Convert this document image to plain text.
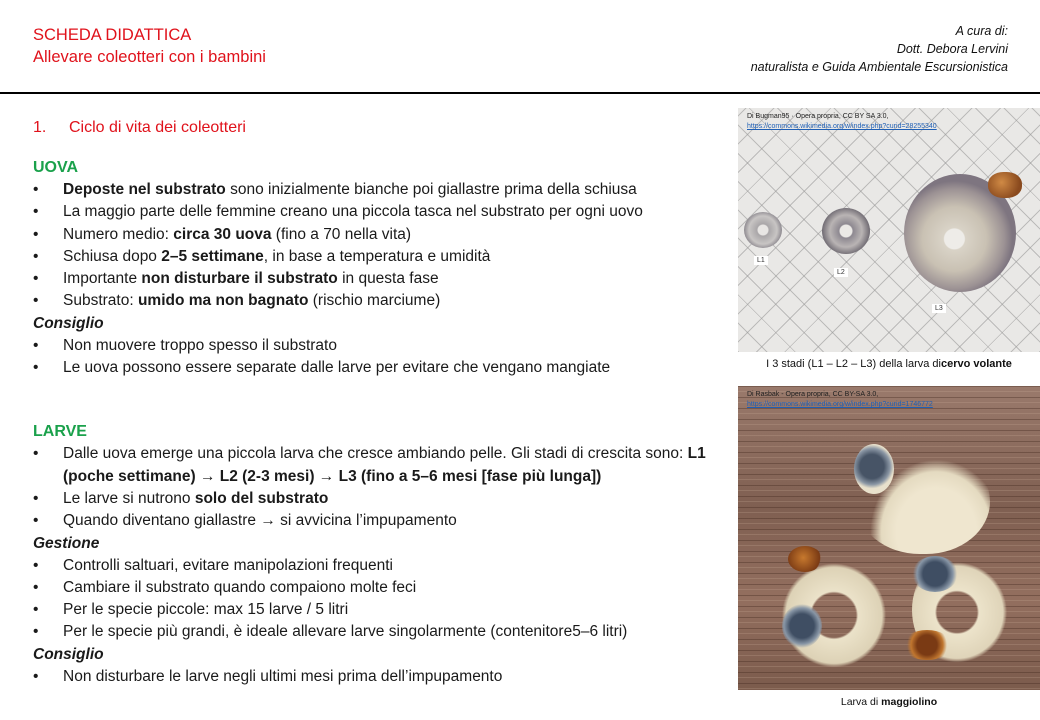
SCHEDA DIDATTICA
Allevare coleotteri con i bambini
A cura di:
Dott. Debora Lervini
naturalista e Guida Ambientale Escursionistica
1. Ciclo di vita dei coleotteri
UOVA
• Deposte nel substrato sono inizialmente bianche poi giallastre prima della schiusa
• La maggio parte delle femmine creano una piccola tasca nel substrato per ogni uovo
• Numero medio: circa 30 uova (fino a 70 nella vita)
• Schiusa dopo 2–5 settimane, in base a temperatura e umidità
• Importante non disturbare il substrato in questa fase
• Substrato: umido ma non bagnato (rischio marciume)
Consiglio
• Non muovere troppo spesso il substrato
• Le uova possono essere separate dalle larve per evitare che vengano mangiate
LARVE
• Dalle uova emerge una piccola larva che cresce ambiando pelle. Gli stadi di crescita sono: L1 (poche settimane) → L2 (2-3 mesi) → L3 (fino a 5–6 mesi [fase più lunga])
• Le larve si nutrono solo del substrato
• Quando diventano giallastre → si avvicina l’impupamento
Gestione
• Controlli saltuari, evitare manipolazioni frequenti
• Cambiare il substrato quando compaiono molte feci
• Per le specie piccole: max 15 larve / 5 litri
• Per le specie più grandi, è ideale allevare larve singolarmente (contenitore5–6 litri)
Consiglio
• Non disturbare le larve negli ultimi mesi prima dell’impupamento
Di Bugman95 · Opera propria, CC BY SA 3.0,
https://commons.wikimedia.org/w/index.php?curid=28255340
L1
L2
L3
I 3 stadi (L1 – L2 – L3) della larva dicervo volante
Di Rasbak - Opera propria, CC BY-SA 3.0,
https://commons.wikimedia.org/w/index.php?curid=1746772
Larva di maggiolino
